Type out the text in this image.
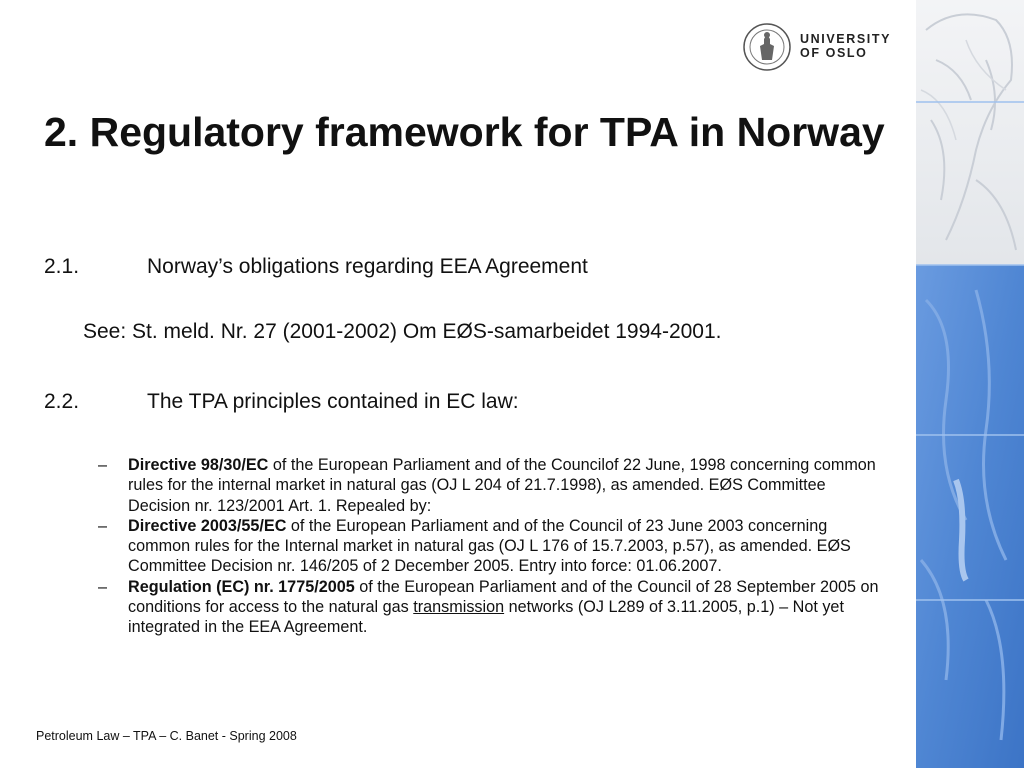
UNIVERSITY
OF OSLO
2. Regulatory framework for TPA in Norway
2.1.	Norway’s obligations regarding EEA Agreement
See: St. meld. Nr. 27 (2001-2002) Om EØS-samarbeidet 1994-2001.
2.2.	The TPA principles contained in EC law:
– Directive 98/30/EC of the European Parliament and of the Councilof 22 June, 1998 concerning common rules for the internal market in natural gas (OJ L 204 of 21.7.1998), as amended. EØS Committee Decision nr. 123/2001 Art. 1. Repealed by:
– Directive 2003/55/EC of the European Parliament and of the Council of 23 June 2003 concerning common rules for the Internal market in natural gas (OJ L 176 of 15.7.2003, p.57), as amended. EØS Committee Decision nr. 146/205 of 2 December 2005. Entry into force: 01.06.2007.
– Regulation (EC) nr. 1775/2005 of the European Parliament and of the Council of 28 September 2005 on conditions for access to the natural gas transmission networks (OJ L289 of 3.11.2005, p.1) – Not yet integrated in the EEA Agreement.
Petroleum Law – TPA – C. Banet - Spring 2008
